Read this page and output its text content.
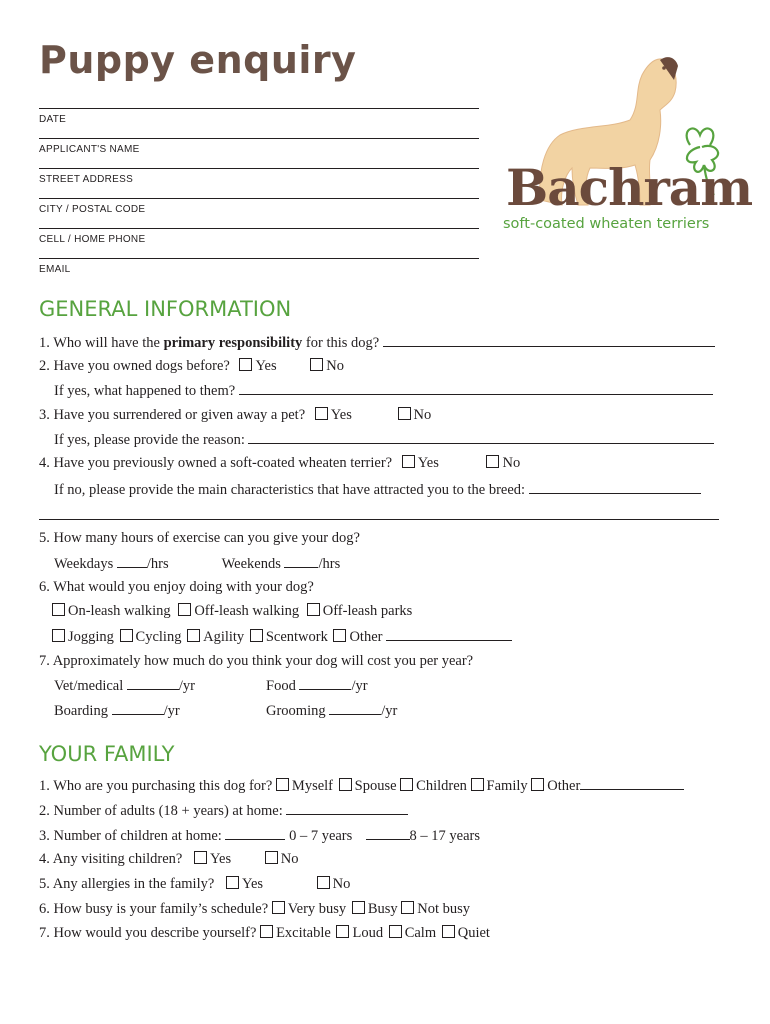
Puppy enquiry
DATE
APPLICANT'S NAME
STREET ADDRESS
CITY / POSTAL CODE
CELL / HOME PHONE
EMAIL
Bachram
soft-coated wheaten terriers
GENERAL INFORMATION
1. Who will have the primary responsibility for this dog?
2. Have you owned dogs before? Yes	No
If yes, what happened to them?
3. Have you surrendered or given away a pet? Yes	No
If yes, please provide the reason:
4. Have you previously owned a soft-coated wheaten terrier? Yes	No
If no, please provide the main characteristics that have attracted you to the breed:
5. How many hours of exercise can you give your dog?
Weekdays /hrs	Weekends	/hrs
6. What would you enjoy doing with your dog?
On-leash walking Off-leash walking Off-leash parks
Jogging Cycling Agility Scentwork Other
7. Approximately how much do you think your dog will cost you per year?
Vet/medical	/yr	Food	/yr
Boarding	/yr	Grooming	/yr
YOUR FAMILY
1. Who are you purchasing this dog for? Myself Spouse Children Family Other
2. Number of adults (18 + years) at home:
3. Number of children at home:	0 – 7 years	8 – 17 years
4. Any visiting children? Yes	No
5. Any allergies in the family? Yes	No
6. How busy is your family’s schedule? Very busy Busy Not busy
7. How would you describe yourself? Excitable Loud Calm Quiet
